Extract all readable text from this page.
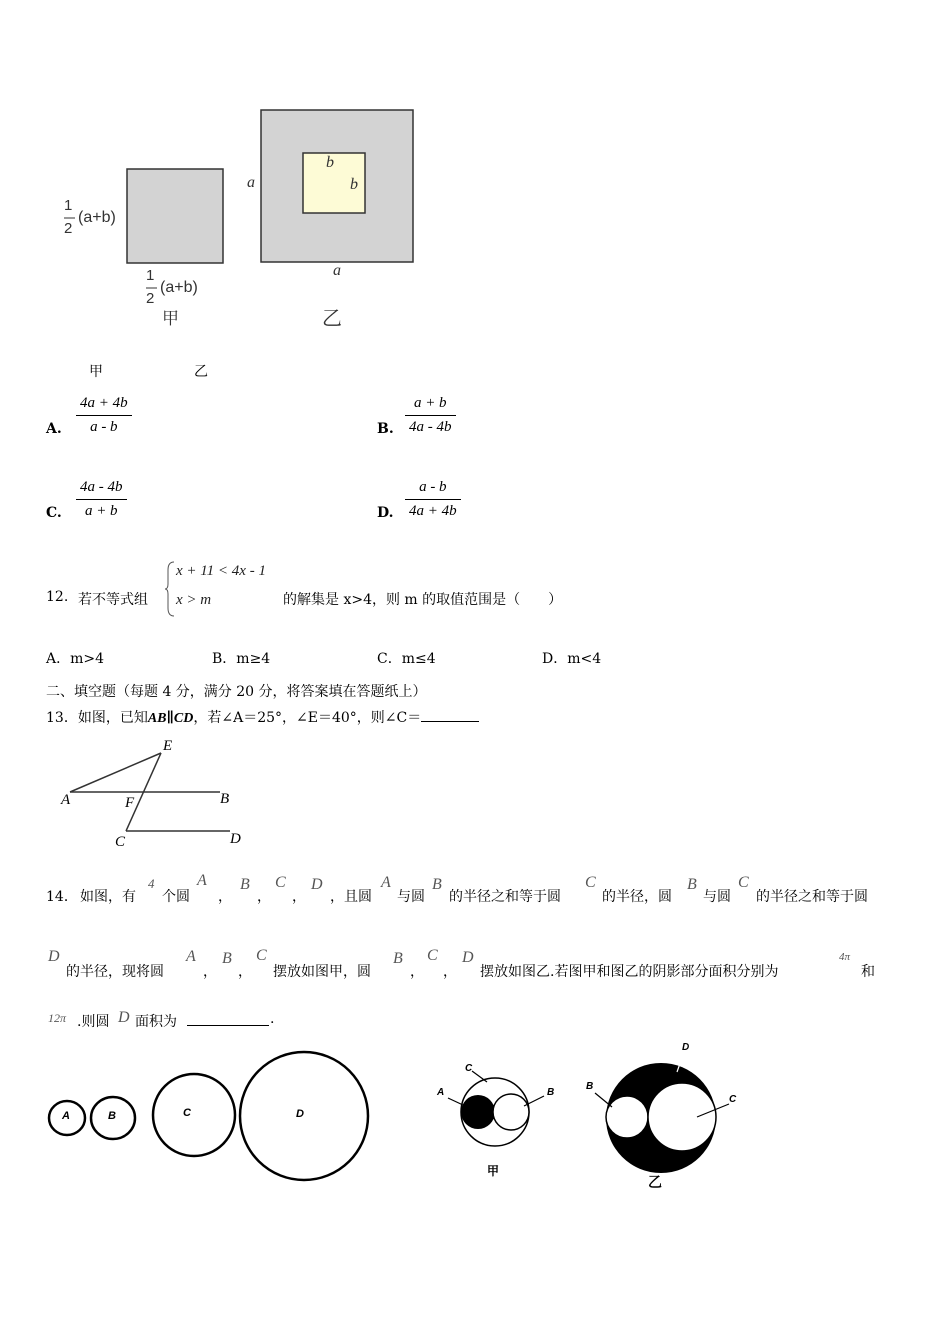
1
2
(a+b)
1
2
(a+b)
甲
a
a
b
b
乙
甲	乙
A. $\frac{4a + 4b}{a - b}$	B. $\frac{a + b}{4a - 4b}$
C. $\frac{4a - 4b}{a + b}$	D. $\frac{a - b}{4a + 4b}$
12. 若不等式组
x + 11 < 4x - 1
x > m	的解集是 x>4，则 m 的取值范围是（　　）
A．m>4	B．m≥4	C．m≤4	D．m<4
二、填空题（每题 4 分，满分 20 分，将答案填在答题纸上）
13．如图，已知AB∥CD，若∠A＝25°，∠E＝40°，则∠C＝
E
A	F	B
C	D
14． 如图，有
4
个圆
A
，
B
，
C
，
D
，且圆
A
与圆
B
的半径之和等于圆
C
的半径，圆
B
与圆
C
的半径之和等于圆
D
的半径，现将圆
A
，
B
，
C
摆放如图甲，圆
B
，
C
，
D
摆放如图乙.若图甲和图乙的阴影部分面积分别为
4π
和
12π .则圆 D 面积为	.
A	B	C	D
A
C
B
甲
B
D
C
乙
